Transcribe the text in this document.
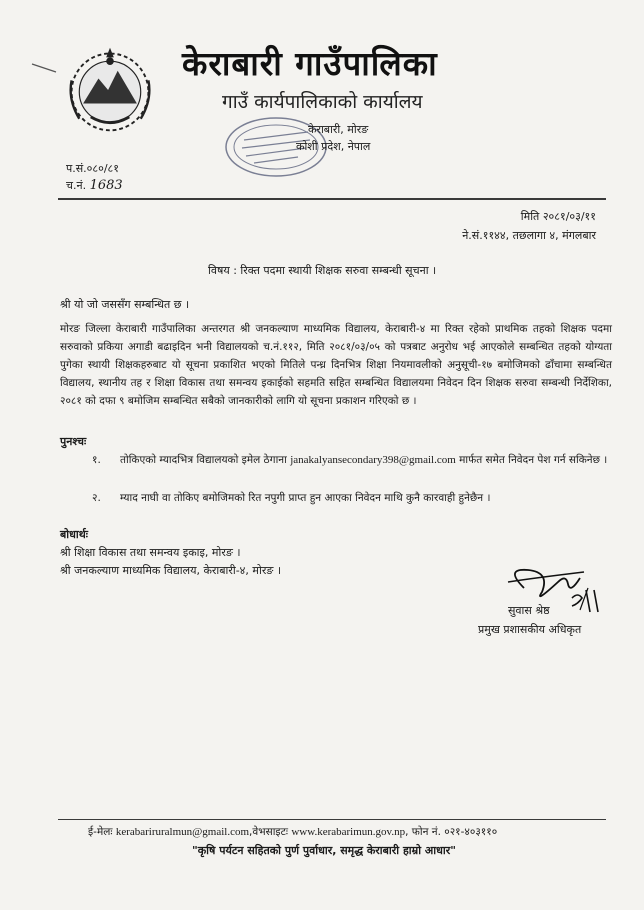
केराबारी गाउँपालिका
गाउँ कार्यपालिकाको कार्यालय
केराबारी, मोरङ
कोशी प्रदेश, नेपाल
प.सं.०८०/८१
च.नं. 1683
मिति २०८१/०३/११
ने.सं.११४४, तछलागा ४, मंगलबार
विषय : रिक्त पदमा स्थायी शिक्षक सरुवा सम्बन्धी सूचना ।
श्री यो जो जससँग सम्बन्धित छ ।

मोरङ जिल्ला केराबारी गाउँपालिका अन्तरगत श्री जनकल्याण माध्यमिक विद्यालय, केराबारी-४ मा रिक्त रहेको प्राथमिक तहको शिक्षक पदमा सरुवाको प्रकिया अगाडी बढाइदिन भनी विद्यालयको च.नं.११२, मिति २०८१/०३/०५ को पत्रबाट अनुरोध भई आएकोले सम्बन्धित तहको योग्यता पुगेका स्थायी शिक्षकहरुबाट यो सूचना प्रकाशित भएको मितिले पन्ध्र दिनभित्र शिक्षा नियमावलीको अनुसूची-१७ बमोजिमको ढाँचामा सम्बन्धित विद्यालय, स्थानीय तह र शिक्षा विकास तथा समन्वय इकाईको सहमति सहित सम्बन्धित विद्यालयमा निवेदन दिन शिक्षक सरुवा सम्बन्धी निर्देशिका, २०८१ को दफा ९ बमोजिम सम्बन्धित सबैको जानकारीको लागि यो सूचना प्रकाशन गरिएको छ ।

पुनश्चः
१.	तोकिएको म्यादभित्र विद्यालयको इमेल ठेगाना janakalyansecondary398@gmail.com मार्फत समेत निवेदन पेश गर्न सकिनेछ ।
२.	म्याद नाघी वा तोकिए बमोजिमको रित नपुगी प्राप्त हुन आएका निवेदन माथि कुनै कारवाही हुनेछैन ।
बोधार्थः
श्री शिक्षा विकास तथा समन्वय इकाइ, मोरङ ।
श्री जनकल्याण माध्यमिक विद्यालय, केराबारी-४, मोरङ ।
सुवास श्रेष्ठ
प्रमुख प्रशासकीय अधिकृत
ई-मेलः kerabariruralmun@gmail.com,वेभसाइटः www.kerabarimun.gov.np, फोन नं. ०२१-४०३११०
"कृषि पर्यटन सहितको पुर्ण पुर्वाधार, समृद्ध केराबारी हाम्रो आधार"
